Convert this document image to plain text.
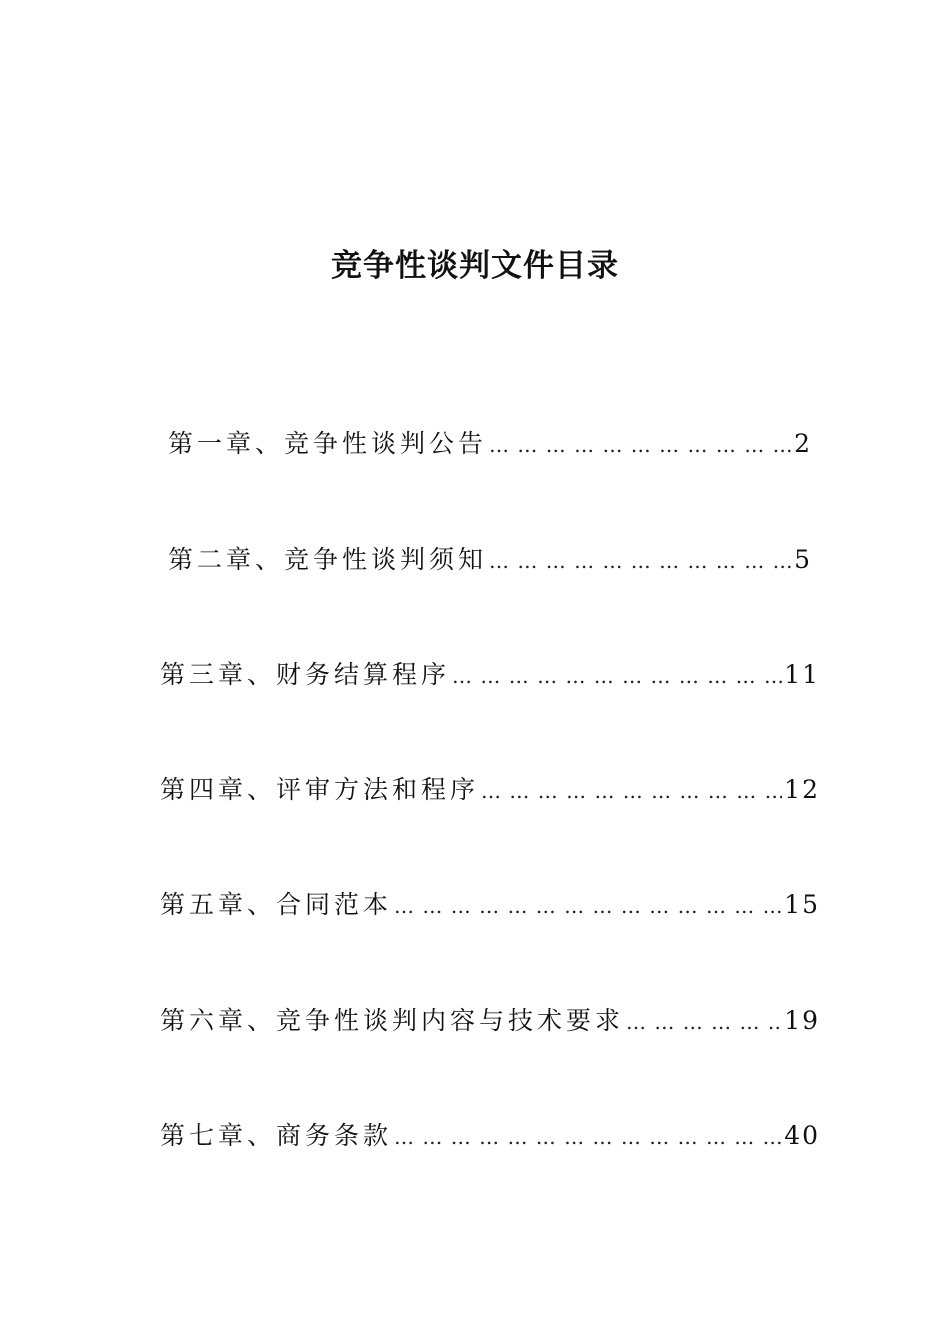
竞争性谈判文件目录
第一章、竞争性谈判公告 … … … … … … … … … … … … … … … … … … … … … … … … … … … … … … … … … … … … … … … … …	2
第二章、竞争性谈判须知 … … … … … … … … … … … … … … … … … … … … … … … … … … … … … … … … … … … … … … … … …	5
第三章、财务结算程序 … … … … … … … … … … … … … … … … … … … … … … … … … … … … … … … … … … … … … … … … …	11
第四章、评审方法和程序 … … … … … … … … … … … … … … … … … … … … … … … … … … … … … … … … … … … … … … … … …	12
第五章、合同范本 … … … … … … … … … … … … … … … … … … … … … … … … … … … … … … … … … … … … … … … … …	15
第六章、竞争性谈判内容与技术要求 … … … … … … … … … … … … … … … … … … … … … … … … … … … … … … … … … … … … … … … … …	19
第七章、商务条款 … … … … … … … … … … … … … … … … … … … … … … … … … … … … … … … … … … … … … … … … …	40
